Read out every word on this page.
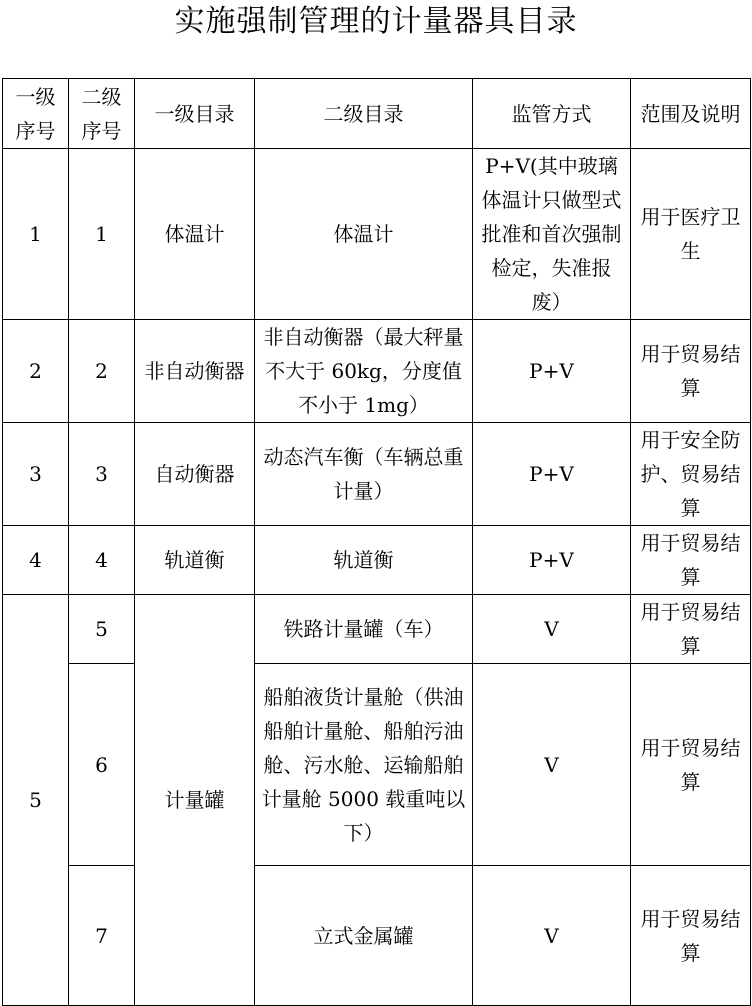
实施强制管理的计量器具目录
一级序号	二级序号	一级目录	二级目录	监管方式	范围及说明
1	1	体温计	体温计	P+V(其中玻璃体温计只做型式批准和首次强制检定，失准报废）	用于医疗卫生
2	2	非自动衡器	非自动衡器（最大秤量不大于 60kg，分度值不小于 1mg）	P+V	用于贸易结算
3	3	自动衡器	动态汽车衡（车辆总重计量）	P+V	用于安全防护、贸易结算
4	4	轨道衡	轨道衡	P+V	用于贸易结算
5	5	计量罐	铁路计量罐（车）	V	用于贸易结算
	6		船舶液货计量舱（供油船舶计量舱、船舶污油舱、污水舱、运输船舶计量舱 5000 载重吨以下）	V	用于贸易结算
	7		立式金属罐	V	用于贸易结算
